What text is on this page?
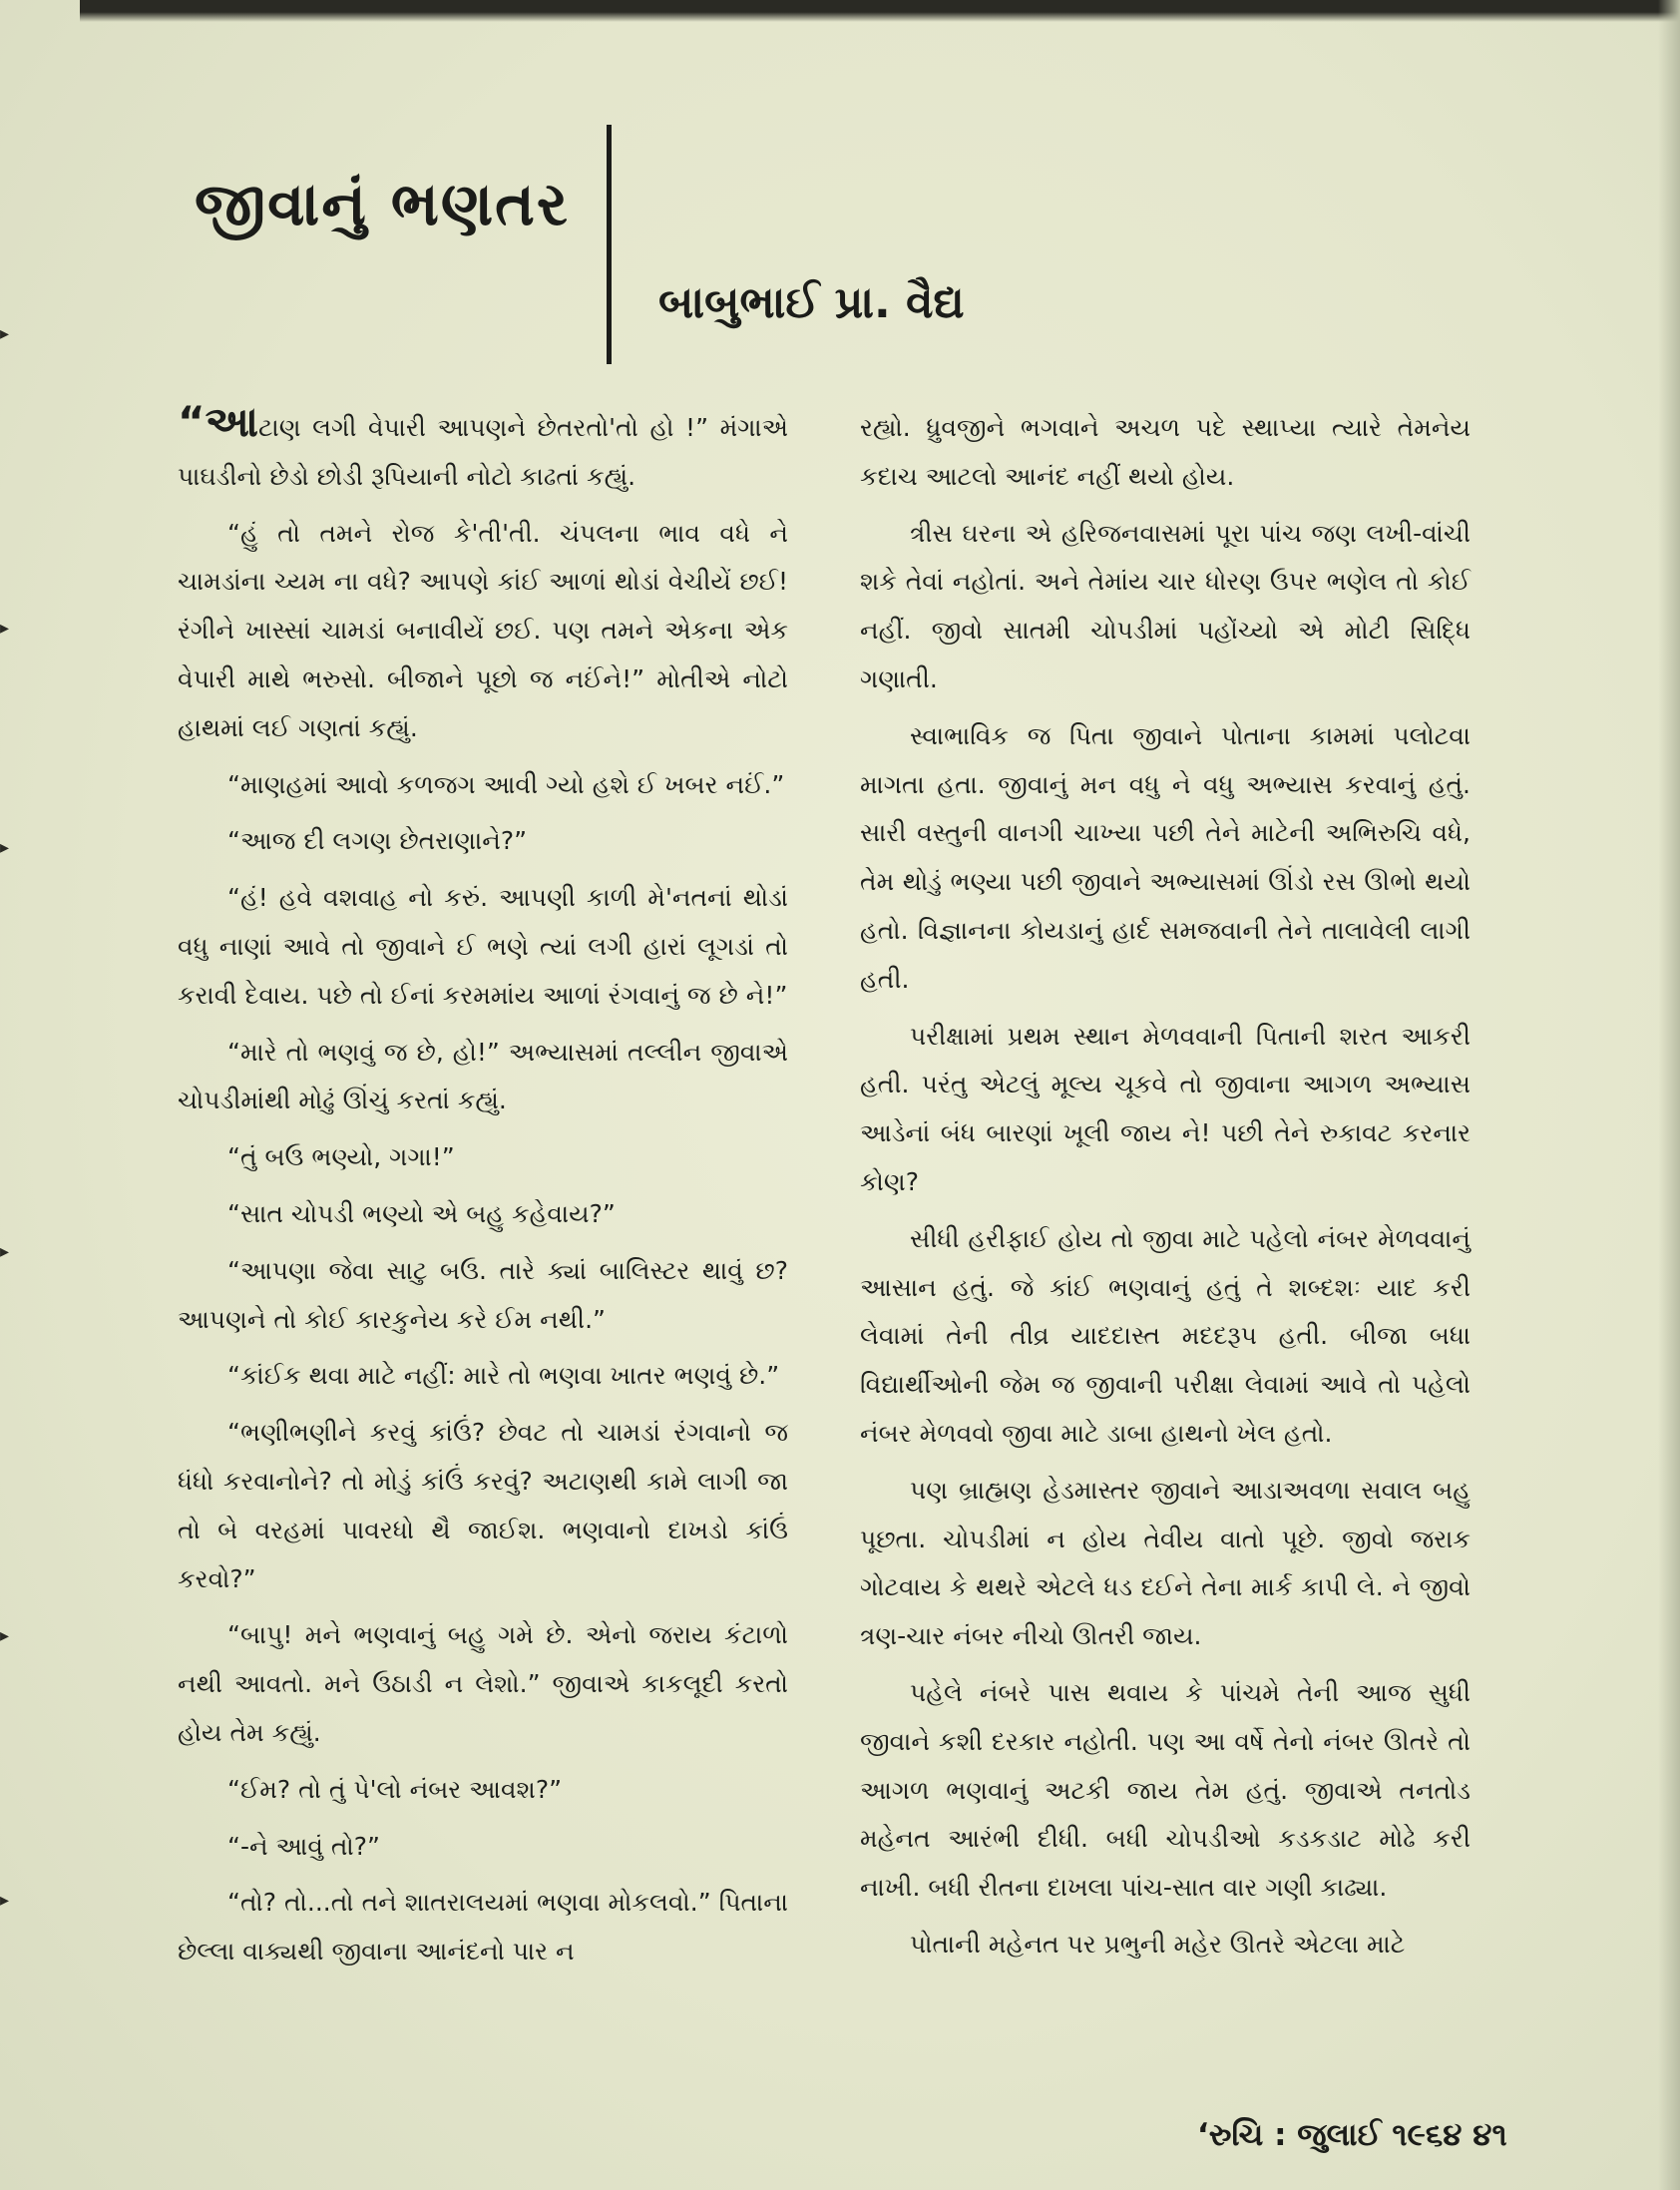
▸
▸
▸
▸
▸
▸
જીવાનું ભણતર
બાબુભાઈ પ્રા. વૈદ્ય

“આટાણ લગી વેપારી આપણને છેતરતો'તો હો !” મંગાએ પાઘડીનો છેડો છોડી રૂપિયાની નોટો કાઢતાં કહ્યું.

“હું તો તમને રોજ કે'તી'તી. ચંપલના ભાવ વધે ને ચામડાંના ચ્યમ ના વધે? આપણે કાંઈ આળાં થોડાં વેચીયેં છઈ! રંગીને ખાસ્સાં ચામડાં બનાવીયેં છઈ. પણ તમને એકના એક વેપારી માથે ભરુસો. બીજાને પૂછો જ નઈંને!” મોતીએ નોટો હાથમાં લઈ ગણતાં કહ્યું.

“માણહમાં આવો કળજગ આવી ગ્યો હશે ઈ ખબર નઈં.”

“આજ દી લગણ છેતરાણાને?”

“હં! હવે વશવાહ નો કરું. આપણી કાળી મે'નતનાં થોડાં વધુ નાણાં આવે તો જીવાને ઈ ભણે ત્યાં લગી હારાં લૂગડાં તો કરાવી દેવાય. પછે તો ઈનાં કરમમાંય આળાં રંગવાનું જ છે ને!”

“મારે તો ભણવું જ છે, હો!” અભ્યાસમાં તલ્લીન જીવાએ ચોપડીમાંથી મોઢું ઊંચું કરતાં કહ્યું.

“તું બઉ ભણ્યો, ગગા!”

“સાત ચોપડી ભણ્યો એ બહુ કહેવાય?”

“આપણા જેવા સાટુ બઉ. તારે ક્યાં બાલિસ્ટર થાવું છ? આપણને તો કોઈ કારકુનેય કરે ઈમ નથી.”

“કાંઈક થવા માટે નહીં: મારે તો ભણવા ખાતર ભણવું છે.”

“ભણીભણીને કરવું કાંઉં? છેવટ તો ચામડાં રંગવાનો જ ધંધો કરવાનોને? તો મોડું કાંઉં કરવું? અટાણથી કામે લાગી જા તો બે વરહમાં પાવરધો થૈ જાઈશ. ભણવાનો દાખડો કાંઉં કરવો?”

“બાપુ! મને ભણવાનું બહુ ગમે છે. એનો જરાય કંટાળો નથી આવતો. મને ઉઠાડી ન લેશો.” જીવાએ કાકલૂદી કરતો હોય તેમ કહ્યું.

“ઈમ? તો તું પે'લો નંબર આવશ?”

“-ને આવું તો?”

“તો? તો...તો તને શાતરાલયમાં ભણવા મોકલવો.” પિતાના છેલ્લા વાક્યથી જીવાના આનંદનો પાર ન

રહ્યો. ધ્રુવજીને ભગવાને અચળ પદે સ્થાપ્યા ત્યારે તેમનેય કદાચ આટલો આનંદ નહીં થયો હોય.

ત્રીસ ઘરના એ હરિજનવાસમાં પૂરા પાંચ જણ લખી-વાંચી શકે તેવાં નહોતાં. અને તેમાંય ચાર ધોરણ ઉપર ભણેલ તો કોઈ નહીં. જીવો સાતમી ચોપડીમાં પહોંચ્યો એ મોટી સિદ્ધિ ગણાતી.

સ્વાભાવિક જ પિતા જીવાને પોતાના કામમાં પલોટવા માગતા હતા. જીવાનું મન વધુ ને વધુ અભ્યાસ કરવાનું હતું. સારી વસ્તુની વાનગી ચાખ્યા પછી તેને માટેની અભિરુચિ વધે, તેમ થોડું ભણ્યા પછી જીવાને અભ્યાસમાં ઊંડો રસ ઊભો થયો હતો. વિજ્ઞાનના કોયડાનું હાર્દ સમજવાની તેને તાલાવેલી લાગી હતી.

પરીક્ષામાં પ્રથમ સ્થાન મેળવવાની પિતાની શરત આકરી હતી. પરંતુ એટલું મૂલ્ય ચૂકવે તો જીવાના આગળ અભ્યાસ આડેનાં બંધ બારણાં ખૂલી જાય ને! પછી તેને રુકાવટ કરનાર કોણ?

સીધી હરીફાઈ હોય તો જીવા માટે પહેલો નંબર મેળવવાનું આસાન હતું. જે કાંઈ ભણવાનું હતું તે શબ્દશઃ યાદ કરી લેવામાં તેની તીવ્ર યાદદાસ્ત મદદરૂપ હતી. બીજા બધા વિદ્યાર્થીઓની જેમ જ જીવાની પરીક્ષા લેવામાં આવે તો પહેલો નંબર મેળવવો જીવા માટે ડાબા હાથનો ખેલ હતો.

પણ બ્રાહ્મણ હેડમાસ્તર જીવાને આડાઅવળા સવાલ બહુ પૂછતા. ચોપડીમાં ન હોય તેવીય વાતો પૂછે. જીવો જરાક ગોટવાય કે થથરે એટલે ધડ દઈને તેના માર્ક કાપી લે. ને જીવો ત્રણ-ચાર નંબર નીચો ઊતરી જાય.

પહેલે નંબરે પાસ થવાય કે પાંચમે તેની આજ સુધી જીવાને કશી દરકાર નહોતી. પણ આ વર્ષે તેનો નંબર ઊતરે તો આગળ ભણવાનું અટકી જાય તેમ હતું. જીવાએ તનતોડ મહેનત આરંભી દીધી. બધી ચોપડીઓ કડકડાટ મોઢે કરી નાખી. બધી રીતના દાખલા પાંચ-સાત વાર ગણી કાઢ્યા.

પોતાની મહેનત પર પ્રભુની મહેર ઊતરે એટલા માટે

‘રુચિ : જુલાઈ ૧૯૬૪ ૪૧
